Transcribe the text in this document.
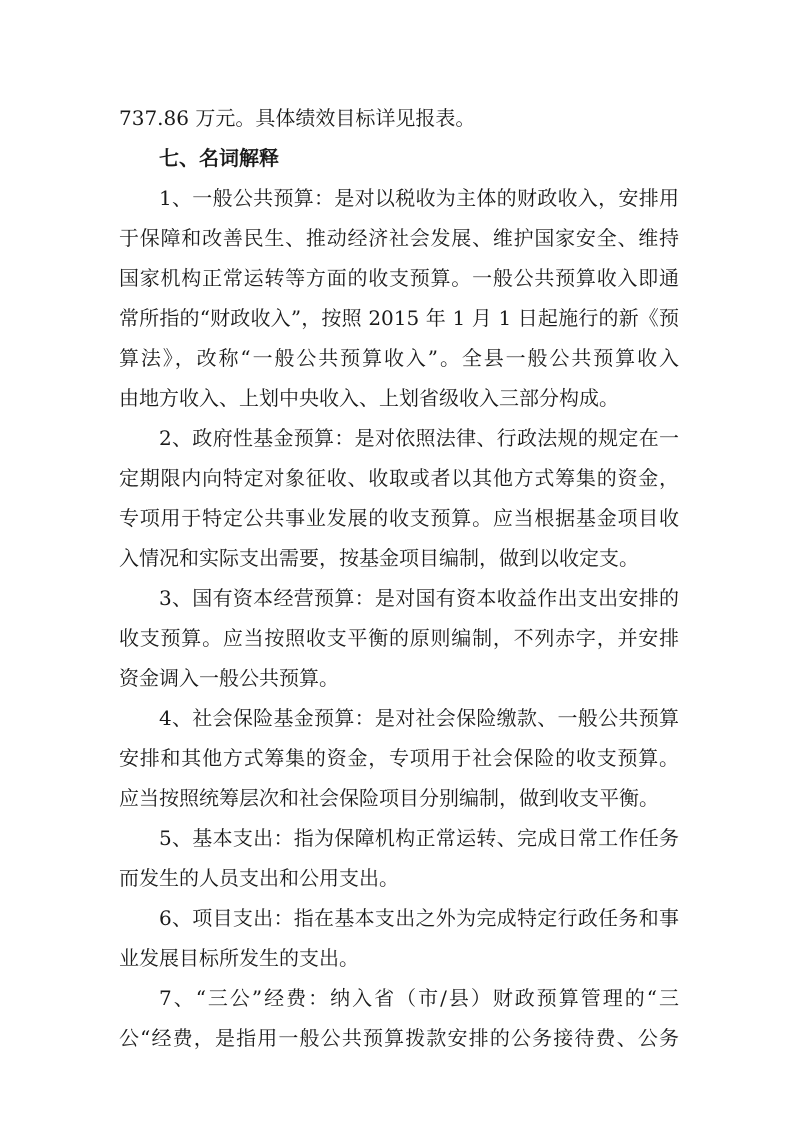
737.86 万元。具体绩效目标详见报表。
七、名词解释
1、一般公共预算：是对以税收为主体的财政收入，安排用
于保障和改善民生、推动经济社会发展、维护国家安全、维持
国家机构正常运转等方面的收支预算。一般公共预算收入即通
常所指的“财政收入”，按照 2015 年 1 月 1 日起施行的新《预
算法》，改称“一般公共预算收入”。全县一般公共预算收入
由地方收入、上划中央收入、上划省级收入三部分构成。
2、政府性基金预算：是对依照法律、行政法规的规定在一
定期限内向特定对象征收、收取或者以其他方式筹集的资金，
专项用于特定公共事业发展的收支预算。应当根据基金项目收
入情况和实际支出需要，按基金项目编制，做到以收定支。
3、国有资本经营预算：是对国有资本收益作出支出安排的
收支预算。应当按照收支平衡的原则编制，不列赤字，并安排
资金调入一般公共预算。
4、社会保险基金预算：是对社会保险缴款、一般公共预算
安排和其他方式筹集的资金，专项用于社会保险的收支预算。
应当按照统筹层次和社会保险项目分别编制，做到收支平衡。
5、基本支出：指为保障机构正常运转、完成日常工作任务
而发生的人员支出和公用支出。
6、项目支出：指在基本支出之外为完成特定行政任务和事
业发展目标所发生的支出。
7、“三公”经费：纳入省（市/县）财政预算管理的“三
公“经费，是指用一般公共预算拨款安排的公务接待费、公务
